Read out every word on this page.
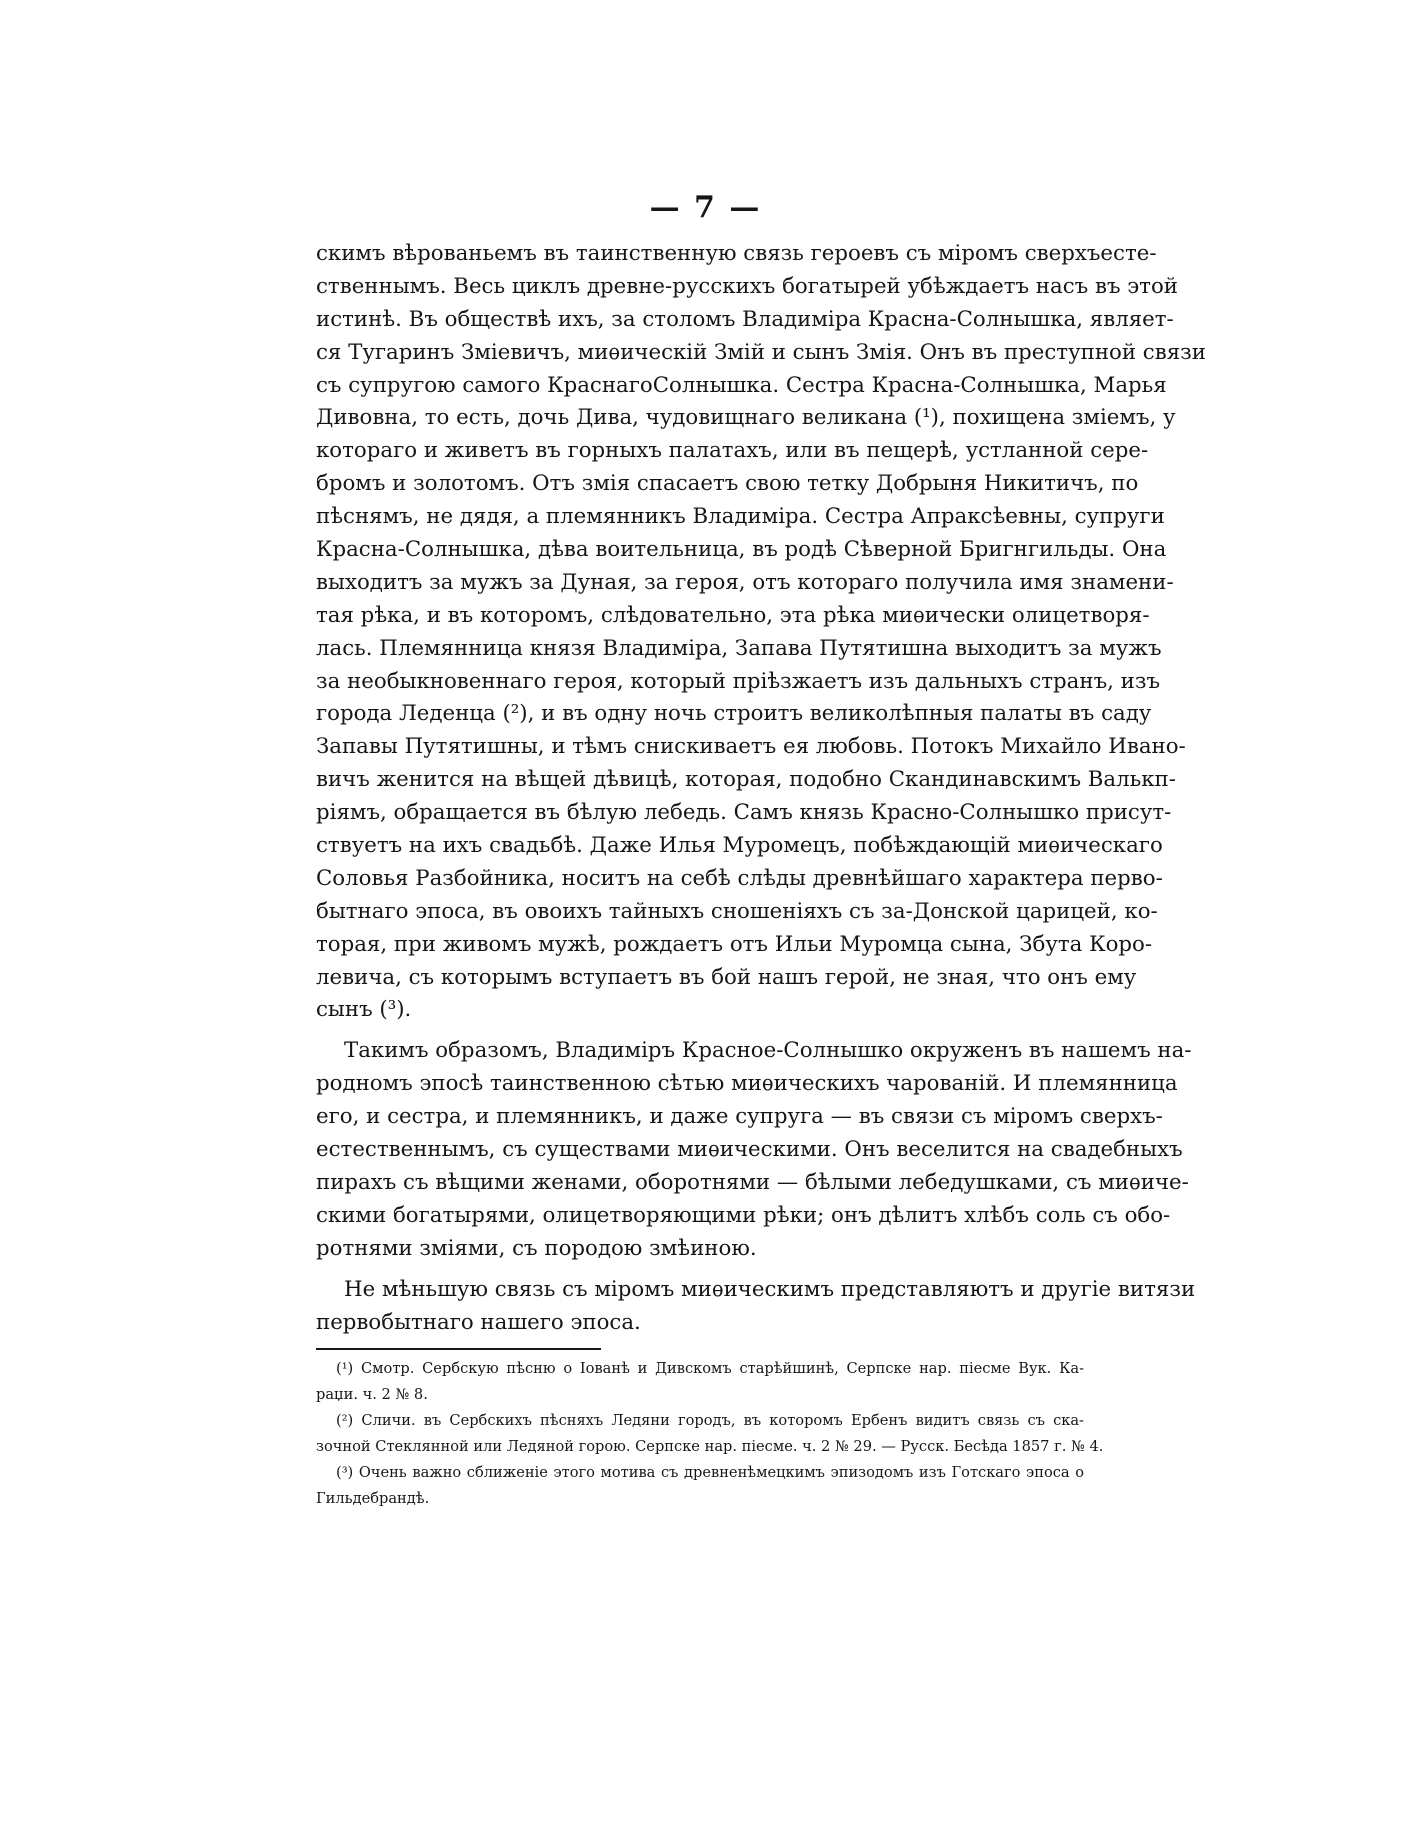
— 7 —
скимъ вѣрованьемъ въ таинственную связь героевъ съ міромъ сверхъесте-
ственнымъ. Весь циклъ древне-русскихъ богатырей убѣждаетъ насъ въ этой
истинѣ. Въ обществѣ ихъ, за столомъ Владиміра Красна-Солнышка, являет-
ся Тугаринъ Зміевичъ, миѳическій Змій и сынъ Змія. Онъ въ преступной связи
съ супругою самого КраснагоСолнышка. Сестра Красна-Солнышка, Марья
Дивовна, то есть, дочь Дива, чудовищнаго великана (¹), похищена зміемъ, у
котораго и живетъ въ горныхъ палатахъ, или въ пещерѣ, устланной сере-
бромъ и золотомъ. Отъ змія спасаетъ свою тетку Добрыня Никитичъ, по
пѣснямъ, не дядя, а племянникъ Владиміра. Сестра Апраксѣевны, супруги
Красна-Солнышка, дѣва воительница, въ родѣ Сѣверной Бригнгильды. Она
выходитъ за мужъ за Дуная, за героя, отъ котораго получила имя знамени-
тая рѣка, и въ которомъ, слѣдовательно, эта рѣка миѳически олицетворя-
лась. Племянница князя Владиміра, Запава Путятишна выходитъ за мужъ
за необыкновеннаго героя, который пріѣзжаетъ изъ дальныхъ странъ, изъ
города Леденца (²), и въ одну ночь строитъ великолѣпныя палаты въ саду
Запавы Путятишны, и тѣмъ снискиваетъ ея любовь. Потокъ Михайло Ивано-
вичъ женится на вѣщей дѣвицѣ, которая, подобно Скандинавскимъ Валькп-
ріямъ, обращается въ бѣлую лебедь. Самъ князь Красно-Солнышко присут-
ствуетъ на ихъ свадьбѣ. Даже Илья Муромецъ, побѣждающій миѳическаго
Соловья Разбойника, носитъ на себѣ слѣды древнѣйшаго характера перво-
бытнаго эпоса, въ овоихъ тайныхъ сношеніяхъ съ за-Донской царицей, ко-
торая, при живомъ мужѣ, рождаетъ отъ Ильи Муромца сына, Збута Коро-
левича, съ которымъ вступаетъ въ бой нашъ герой, не зная, что онъ ему
сынъ (³).
Такимъ образомъ, Владиміръ Красное-Солнышко окруженъ въ нашемъ на-
родномъ эпосѣ таинственною сѣтью миѳическихъ чарованій. И племянница
его, и сестра, и племянникъ, и даже супруга — въ связи съ міромъ сверхъ-
естественнымъ, съ существами миѳическими. Онъ веселится на свадебныхъ
пирахъ съ вѣщими женами, оборотнями — бѣлыми лебедушками, съ миѳиче-
скими богатырями, олицетворяющими рѣки; онъ дѣлитъ хлѣбъ соль съ обо-
ротнями зміями, съ породою змѣиною.
Не мѣньшую связь съ міромъ миѳическимъ представляютъ и другіе витязи
первобытнаго нашего эпоса.
(¹) Смотр. Сербскую пѣсню о Іованѣ и Дивскомъ старѣйшинѣ, Серпске нар. піесме Вук. Ка-
раџи. ч. 2 № 8.
(²) Сличи. въ Сербскихъ пѣсняхъ Ледяни городъ, въ которомъ Ербенъ видитъ связь съ ска-
зочной Стеклянной или Ледяной горою. Серпске нар. піесме. ч. 2 № 29. — Русск. Бесѣда 1857 г. № 4.
(³) Очень важно сближеніе этого мотива съ древненѣмецкимъ эпизодомъ изъ Готскаго эпоса о
Гильдебрандѣ.
